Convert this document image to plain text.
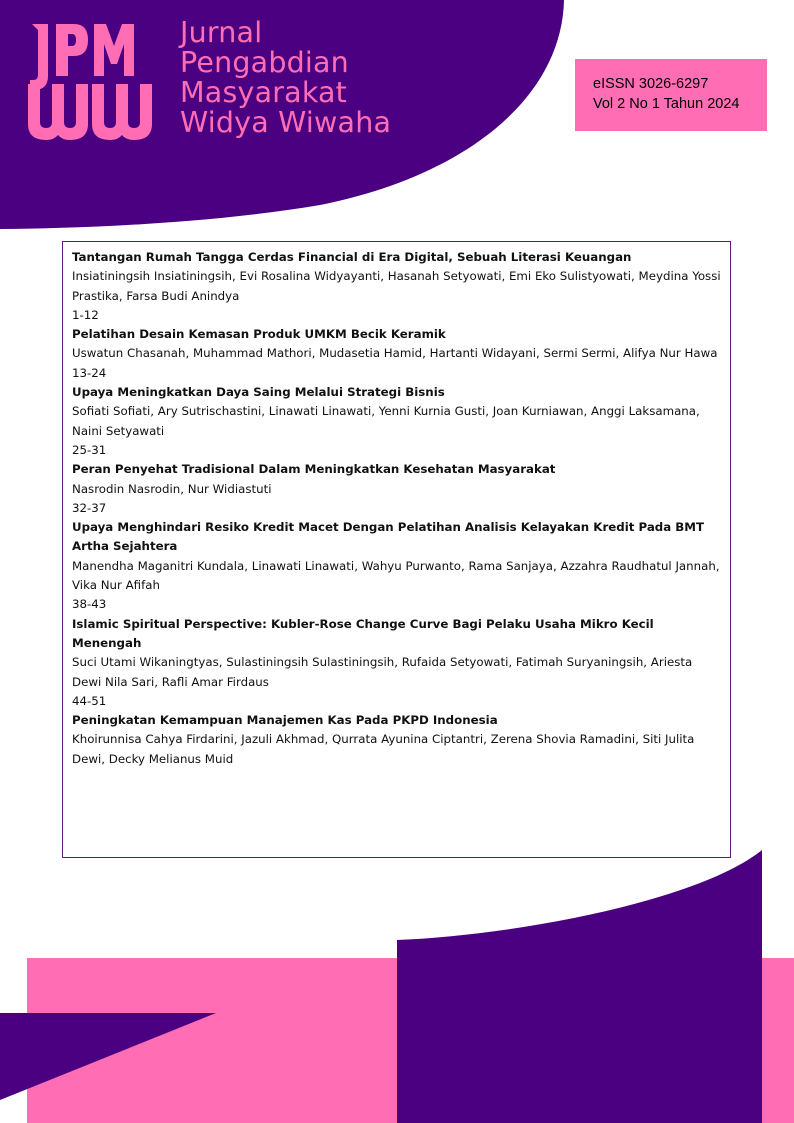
Jurnal
Pengabdian
Masyarakat
Widya Wiwaha
eISSN 3026-6297
Vol 2 No 1 Tahun 2024
Tantangan Rumah Tangga Cerdas Financial di Era Digital, Sebuah Literasi Keuangan
Insiatiningsih Insiatiningsih, Evi Rosalina Widyayanti, Hasanah Setyowati, Emi Eko Sulistyowati, Meydina Yossi Prastika, Farsa Budi Anindya
1-12
Pelatihan Desain Kemasan Produk UMKM Becik Keramik
Uswatun Chasanah, Muhammad Mathori, Mudasetia Hamid, Hartanti Widayani, Sermi Sermi, Alifya Nur Hawa
13-24
Upaya Meningkatkan Daya Saing Melalui Strategi Bisnis
Sofiati Sofiati, Ary Sutrischastini, Linawati Linawati, Yenni Kurnia Gusti, Joan Kurniawan, Anggi Laksamana, Naini Setyawati
25-31
Peran Penyehat Tradisional Dalam Meningkatkan Kesehatan Masyarakat
Nasrodin Nasrodin, Nur Widiastuti
32-37
Upaya Menghindari Resiko Kredit Macet Dengan Pelatihan Analisis Kelayakan Kredit Pada BMT Artha Sejahtera
Manendha Maganitri Kundala, Linawati Linawati, Wahyu Purwanto, Rama Sanjaya, Azzahra Raudhatul Jannah, Vika Nur Afifah
38-43
Islamic Spiritual Perspective: Kubler-Rose Change Curve Bagi Pelaku Usaha Mikro Kecil Menengah
Suci Utami Wikaningtyas, Sulastiningsih Sulastiningsih, Rufaida Setyowati, Fatimah Suryaningsih, Ariesta Dewi Nila Sari, Rafli Amar Firdaus
44-51
Peningkatan Kemampuan Manajemen Kas Pada PKPD Indonesia
Khoirunnisa Cahya Firdarini, Jazuli Akhmad, Qurrata Ayunina Ciptantri, Zerena Shovia Ramadini, Siti Julita Dewi, Decky Melianus Muid
